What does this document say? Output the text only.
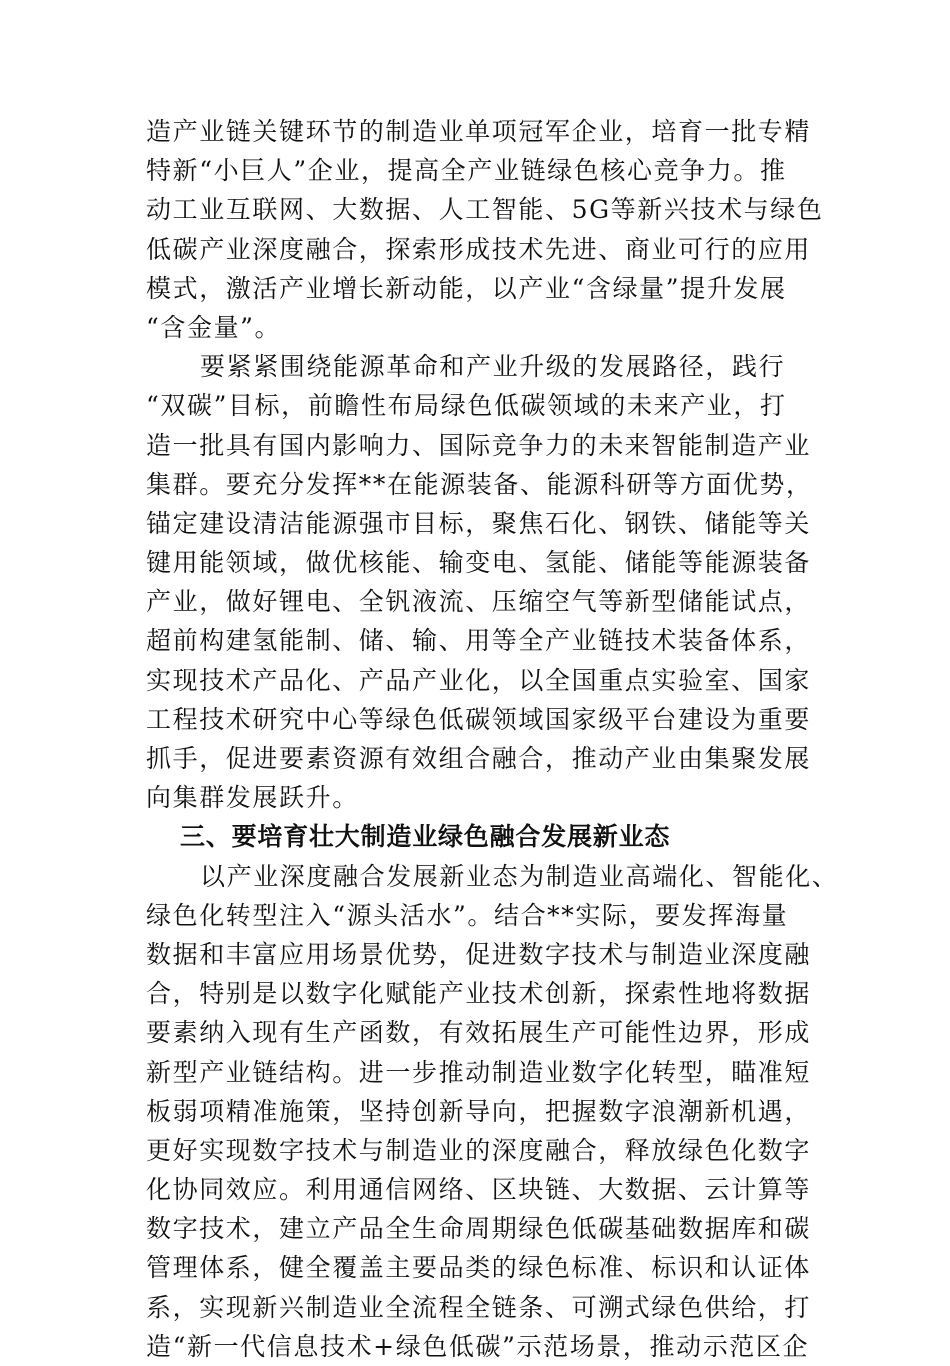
造产业链关键环节的制造业单项冠军企业，培育一批专精
特新“小巨人”企业，提高全产业链绿色核心竞争力。推
动工业互联网、大数据、人工智能、5G等新兴技术与绿色
低碳产业深度融合，探索形成技术先进、商业可行的应用
模式，激活产业增长新动能，以产业“含绿量”提升发展
“含金量”。
要紧紧围绕能源革命和产业升级的发展路径，践行
“双碳”目标，前瞻性布局绿色低碳领域的未来产业，打
造一批具有国内影响力、国际竞争力的未来智能制造产业
集群。要充分发挥**在能源装备、能源科研等方面优势，
锚定建设清洁能源强市目标，聚焦石化、钢铁、储能等关
键用能领域，做优核能、输变电、氢能、储能等能源装备
产业，做好锂电、全钒液流、压缩空气等新型储能试点，
超前构建氢能制、储、输、用等全产业链技术装备体系，
实现技术产品化、产品产业化，以全国重点实验室、国家
工程技术研究中心等绿色低碳领域国家级平台建设为重要
抓手，促进要素资源有效组合融合，推动产业由集聚发展
向集群发展跃升。
三、要培育壮大制造业绿色融合发展新业态
以产业深度融合发展新业态为制造业高端化、智能化、
绿色化转型注入“源头活水”。结合**实际，要发挥海量
数据和丰富应用场景优势，促进数字技术与制造业深度融
合，特别是以数字化赋能产业技术创新，探索性地将数据
要素纳入现有生产函数，有效拓展生产可能性边界，形成
新型产业链结构。进一步推动制造业数字化转型，瞄准短
板弱项精准施策，坚持创新导向，把握数字浪潮新机遇，
更好实现数字技术与制造业的深度融合，释放绿色化数字
化协同效应。利用通信网络、区块链、大数据、云计算等
数字技术，建立产品全生命周期绿色低碳基础数据库和碳
管理体系，健全覆盖主要品类的绿色标准、标识和认证体
系，实现新兴制造业全流程全链条、可溯式绿色供给，打
造“新一代信息技术+绿色低碳”示范场景，推动示范区企
